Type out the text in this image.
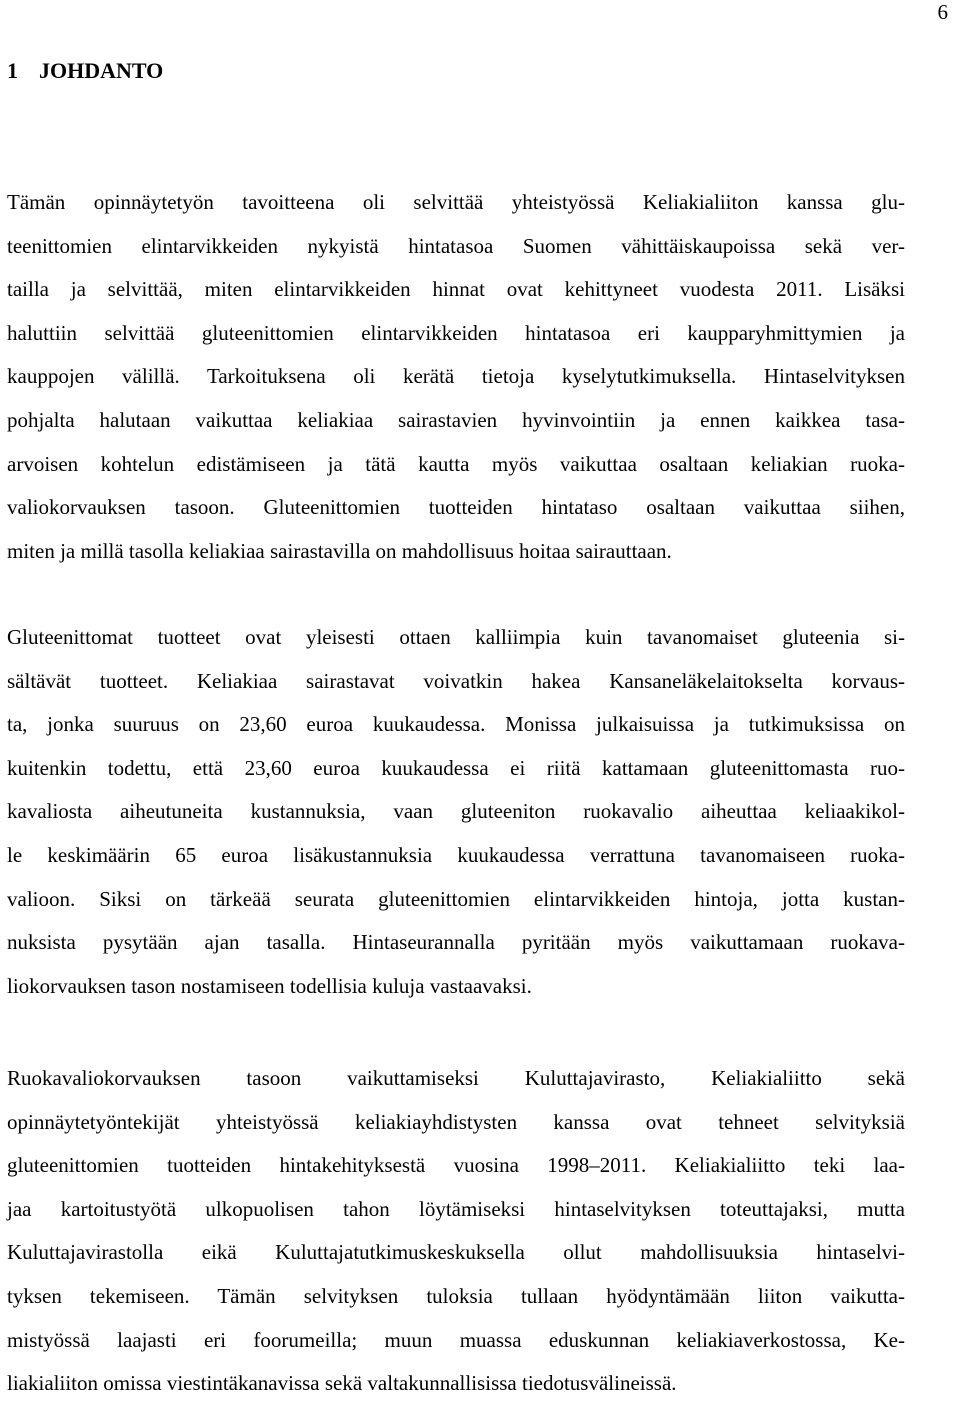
6
1 JOHDANTO
Tämän opinnäytetyön tavoitteena oli selvittää yhteistyössä Keliakialiiton kanssa glu-
teenittomien elintarvikkeiden nykyistä hintatasoa Suomen vähittäiskaupoissa sekä ver-
tailla ja selvittää, miten elintarvikkeiden hinnat ovat kehittyneet vuodesta 2011. Lisäksi
haluttiin selvittää gluteenittomien elintarvikkeiden hintatasoa eri kaupparyhmittymien ja
kauppojen välillä. Tarkoituksena oli kerätä tietoja kyselytutkimuksella. Hintaselvityksen
pohjalta halutaan vaikuttaa keliakiaa sairastavien hyvinvointiin ja ennen kaikkea tasa-
arvoisen kohtelun edistämiseen ja tätä kautta myös vaikuttaa osaltaan keliakian ruoka-
valiokorvauksen tasoon. Gluteenittomien tuotteiden hintataso osaltaan vaikuttaa siihen,
miten ja millä tasolla keliakiaa sairastavilla on mahdollisuus hoitaa sairauttaan.
Gluteenittomat tuotteet ovat yleisesti ottaen kalliimpia kuin tavanomaiset gluteenia si-
sältävät tuotteet. Keliakiaa sairastavat voivatkin hakea Kansaneläkelaitokselta korvaus-
ta, jonka suuruus on 23,60 euroa kuukaudessa. Monissa julkaisuissa ja tutkimuksissa on
kuitenkin todettu, että 23,60 euroa kuukaudessa ei riitä kattamaan gluteenittomasta ruo-
kavaliosta aiheutuneita kustannuksia, vaan gluteeniton ruokavalio aiheuttaa keliaakikol-
le keskimäärin 65 euroa lisäkustannuksia kuukaudessa verrattuna tavanomaiseen ruoka-
valioon. Siksi on tärkeää seurata gluteenittomien elintarvikkeiden hintoja, jotta kustan-
nuksista pysytään ajan tasalla. Hintaseurannalla pyritään myös vaikuttamaan ruokava-
liokorvauksen tason nostamiseen todellisia kuluja vastaavaksi.
Ruokavaliokorvauksen tasoon vaikuttamiseksi Kuluttajavirasto, Keliakialiitto sekä
opinnäytetyöntekijät yhteistyössä keliakiayhdistysten kanssa ovat tehneet selvityksiä
gluteenittomien tuotteiden hintakehityksestä vuosina 1998–2011. Keliakialiitto teki laa-
jaa kartoitustyötä ulkopuolisen tahon löytämiseksi hintaselvityksen toteuttajaksi, mutta
Kuluttajavirastolla eikä Kuluttajatutkimuskeskuksella ollut mahdollisuuksia hintaselvi-
tyksen tekemiseen. Tämän selvityksen tuloksia tullaan hyödyntämään liiton vaikutta-
mistyössä laajasti eri foorumeilla; muun muassa eduskunnan keliakiaverkostossa, Ke-
liakialiiton omissa viestintäkanavissa sekä valtakunnallisissa tiedotusvälineissä.
